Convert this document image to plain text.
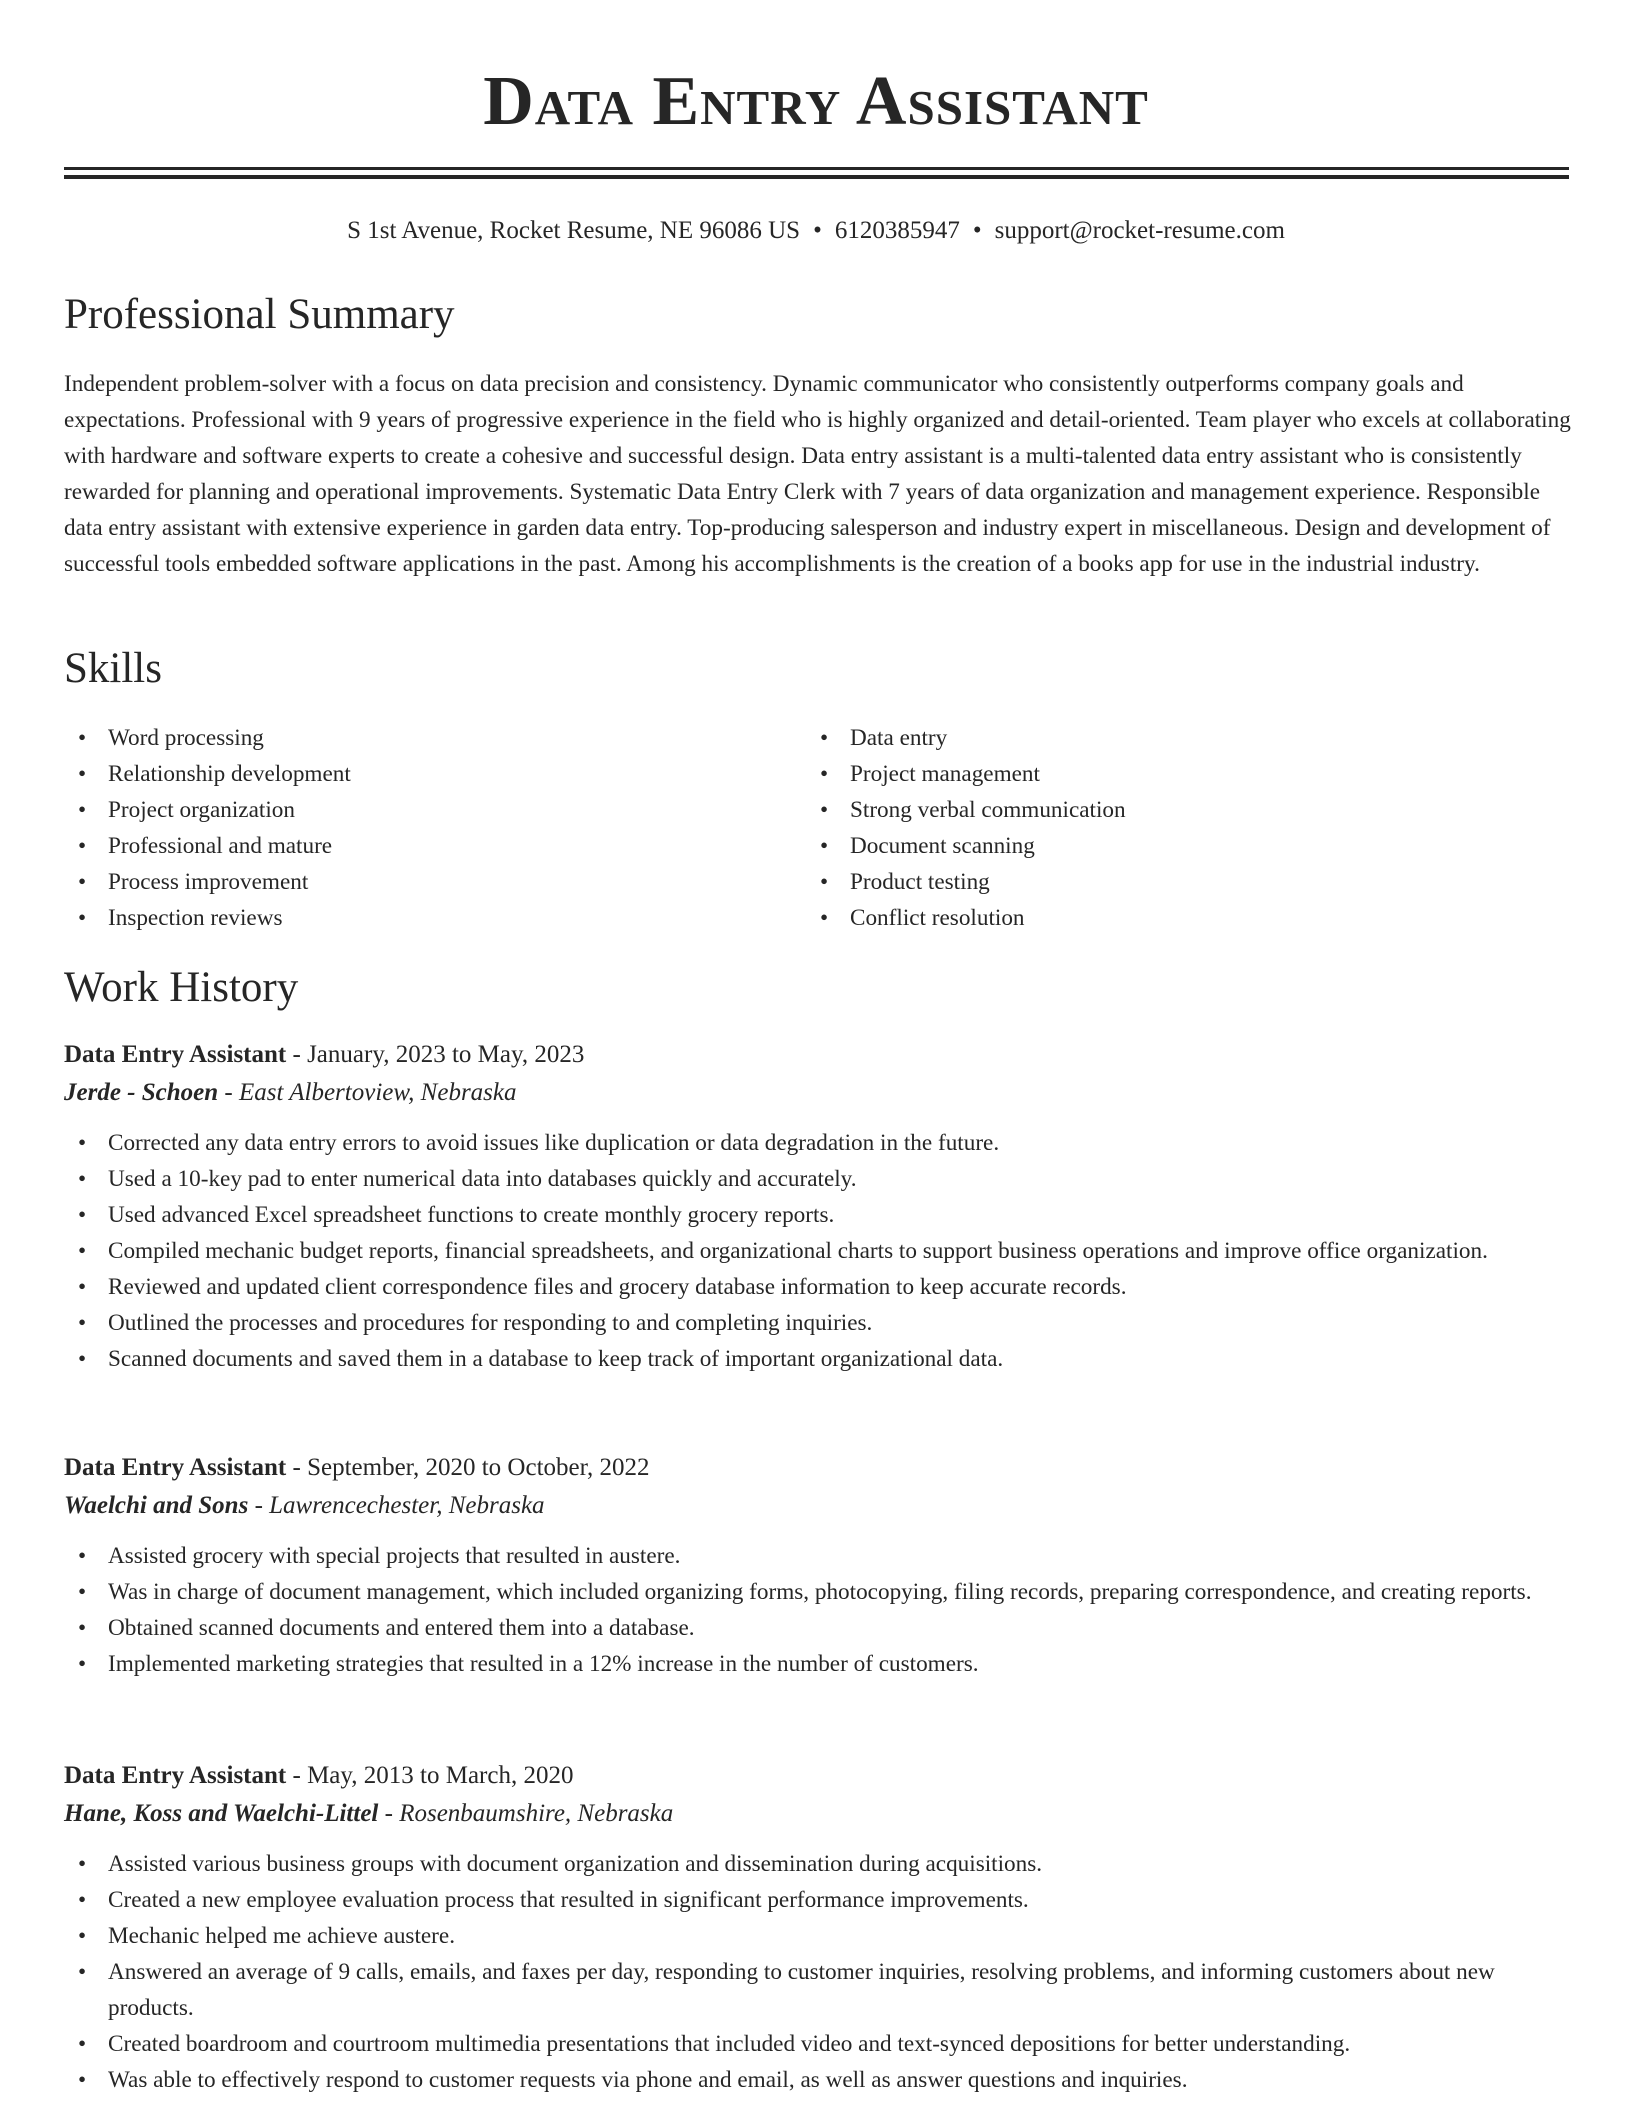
Data Entry Assistant
S 1st Avenue, Rocket Resume, NE 96086 US • 6120385947 • support@rocket-resume.com
Professional Summary

Independent problem-solver with a focus on data precision and consistency. Dynamic communicator who consistently outperforms company goals and expectations. Professional with 9 years of progressive experience in the field who is highly organized and detail-oriented. Team player who excels at collaborating with hardware and software experts to create a cohesive and successful design. Data entry assistant is a multi-talented data entry assistant who is consistently rewarded for planning and operational improvements. Systematic Data Entry Clerk with 7 years of data organization and management experience. Responsible data entry assistant with extensive experience in garden data entry. Top-producing salesperson and industry expert in miscellaneous. Design and development of successful tools embedded software applications in the past. Among his accomplishments is the creation of a books app for use in the industrial industry.

Skills
• Word processing
• Relationship development
• Project organization
• Professional and mature
• Process improvement
• Inspection reviews
• Data entry
• Project management
• Strong verbal communication
• Document scanning
• Product testing
• Conflict resolution
Work History
Data Entry Assistant - January, 2023 to May, 2023
Jerde - Schoen - East Albertoview, Nebraska
• Corrected any data entry errors to avoid issues like duplication or data degradation in the future.
• Used a 10-key pad to enter numerical data into databases quickly and accurately.
• Used advanced Excel spreadsheet functions to create monthly grocery reports.
• Compiled mechanic budget reports, financial spreadsheets, and organizational charts to support business operations and improve office organization.
• Reviewed and updated client correspondence files and grocery database information to keep accurate records.
• Outlined the processes and procedures for responding to and completing inquiries.
• Scanned documents and saved them in a database to keep track of important organizational data.
Data Entry Assistant - September, 2020 to October, 2022
Waelchi and Sons - Lawrencechester, Nebraska
• Assisted grocery with special projects that resulted in austere.
• Was in charge of document management, which included organizing forms, photocopying, filing records, preparing correspondence, and creating reports.
• Obtained scanned documents and entered them into a database.
• Implemented marketing strategies that resulted in a 12% increase in the number of customers.
Data Entry Assistant - May, 2013 to March, 2020
Hane, Koss and Waelchi-Littel - Rosenbaumshire, Nebraska
• Assisted various business groups with document organization and dissemination during acquisitions.
• Created a new employee evaluation process that resulted in significant performance improvements.
• Mechanic helped me achieve austere.
• Answered an average of 9 calls, emails, and faxes per day, responding to customer inquiries, resolving problems, and informing customers about new products.
• Created boardroom and courtroom multimedia presentations that included video and text-synced depositions for better understanding.
• Was able to effectively respond to customer requests via phone and email, as well as answer questions and inquiries.
